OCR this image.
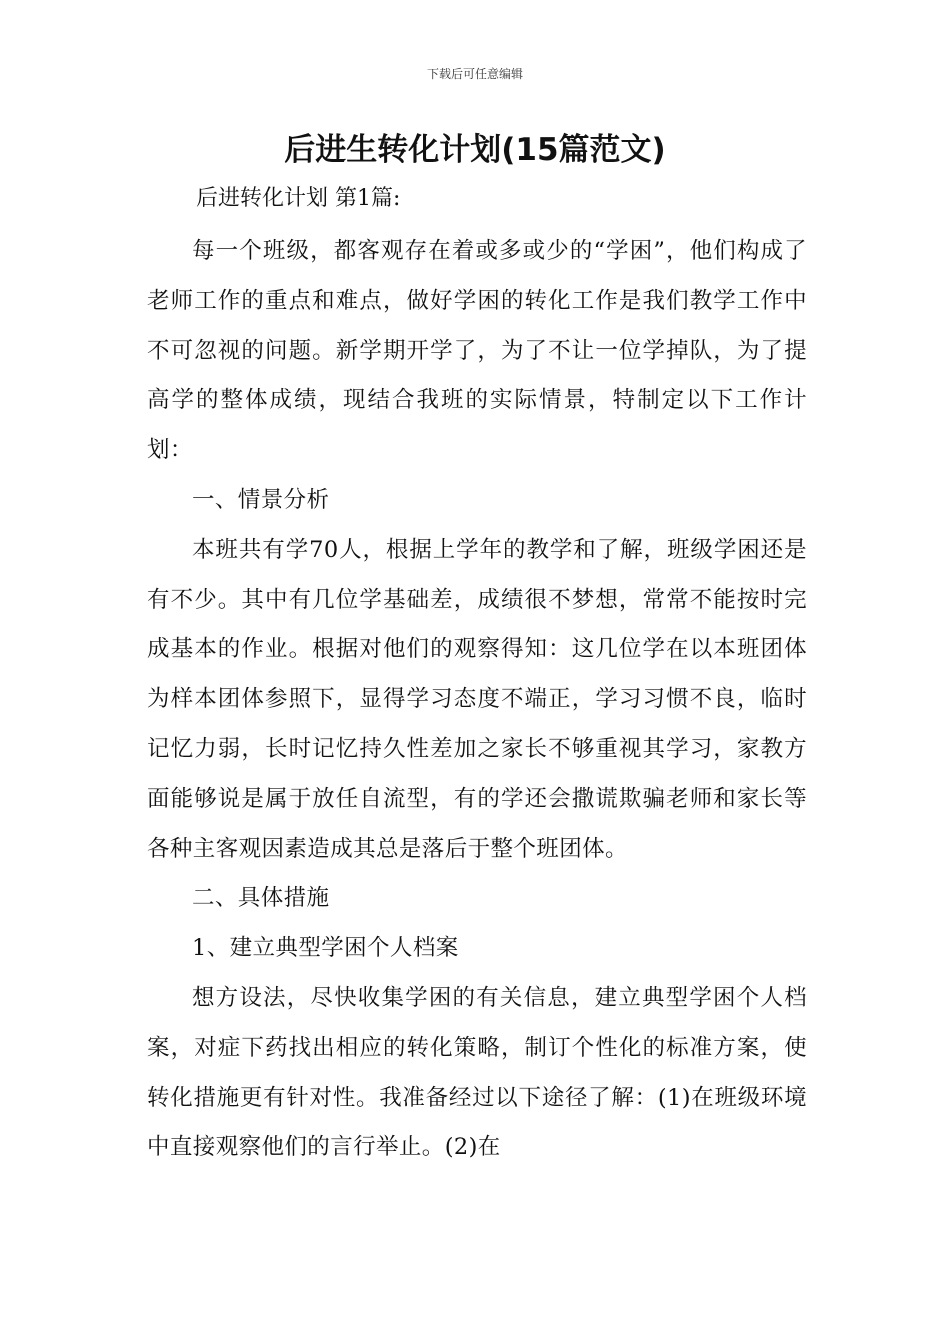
下载后可任意编辑
后进生转化计划(15篇范文)
后进转化计划 第1篇:

每一个班级，都客观存在着或多或少的“学困”，他们构成了老师工作的重点和难点，做好学困的转化工作是我们教学工作中不可忽视的问题。新学期开学了，为了不让一位学掉队，为了提高学的整体成绩，现结合我班的实际情景，特制定以下工作计划：

一、情景分析

本班共有学70人，根据上学年的教学和了解，班级学困还是有不少。其中有几位学基础差，成绩很不梦想，常常不能按时完成基本的作业。根据对他们的观察得知：这几位学在以本班团体为样本团体参照下，显得学习态度不端正，学习习惯不良，临时记忆力弱，长时记忆持久性差加之家长不够重视其学习，家教方面能够说是属于放任自流型，有的学还会撒谎欺骗老师和家长等各种主客观因素造成其总是落后于整个班团体。

二、具体措施

1、建立典型学困个人档案

想方设法，尽快收集学困的有关信息，建立典型学困个人档案，对症下药找出相应的转化策略，制订个性化的标准方案，使转化措施更有针对性。我准备经过以下途径了解：(1)在班级环境中直接观察他们的言行举止。(2)在
